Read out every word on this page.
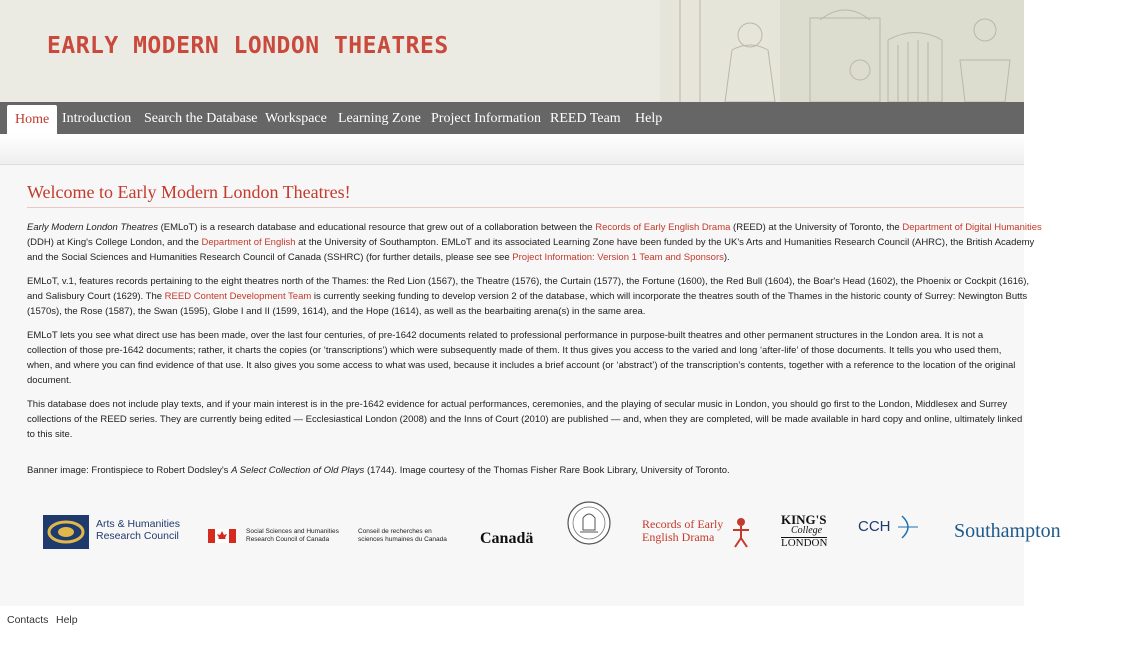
EARLY MODERN LONDON THEATRES
Home Introduction Search the Database Workspace Learning Zone Project Information REED Team Help
Welcome to Early Modern London Theatres!

Early Modern London Theatres (EMLoT) is a research database and educational resource that grew out of a collaboration between the Records of Early English Drama (REED) at the University of Toronto, the Department of Digital Humanities
(DDH) at King's College London, and the Department of English at the University of Southampton. EMLoT and its associated Learning Zone have been funded by the UK's Arts and Humanities Research Council (AHRC), the British Academy
and the Social Sciences and Humanities Research Council of Canada (SSHRC) (for further details, please see see Project Information: Version 1 Team and Sponsors).

EMLoT, v.1, features records pertaining to the eight theatres north of the Thames: the Red Lion (1567), the Theatre (1576), the Curtain (1577), the Fortune (1600), the Red Bull (1604), the Boar's Head (1602), the Phoenix or Cockpit (1616),
and Salisbury Court (1629). The REED Content Development Team is currently seeking funding to develop version 2 of the database, which will incorporate the theatres south of the Thames in the historic county of Surrey: Newington Butts
(1570s), the Rose (1587), the Swan (1595), Globe I and II (1599, 1614), and the Hope (1614), as well as the bearbaiting arena(s) in the same area.

EMLoT lets you see what direct use has been made, over the last four centuries, of pre-1642 documents related to professional performance in purpose-built theatres and other permanent structures in the London area. It is not a
collection of those pre-1642 documents; rather, it charts the copies (or ‘transcriptions’) which were subsequently made of them. It thus gives you access to the varied and long ‘after-life’ of those documents. It tells you who used them,
when, and where you can find evidence of that use. It also gives you some access to what was used, because it includes a brief account (or ‘abstract’) of the transcription’s contents, together with a reference to the location of the original
document.

This database does not include play texts, and if your main interest is in the pre-1642 evidence for actual performances, ceremonies, and the playing of secular music in London, you should go first to the London, Middlesex and Surrey
collections of the REED series. They are currently being edited — Ecclesiastical London (2008) and the Inns of Court (2010) are published — and, when they are completed, will be made available in hard copy and online, ultimately linked
to this site.

Banner image: Frontispiece to Robert Dodsley's A Select Collection of Old Plays (1744). Image courtesy of the Thomas Fisher Rare Book Library, University of Toronto.

Arts & Humanities
Research Council	Social Sciences and Humanities
Research Council of Canada
Conseil de recherches en
sciences humaines du Canada Canadä
Records of Early
English Drama
KING'S
College
LONDON
CCH	Southampton
Contacts Help
